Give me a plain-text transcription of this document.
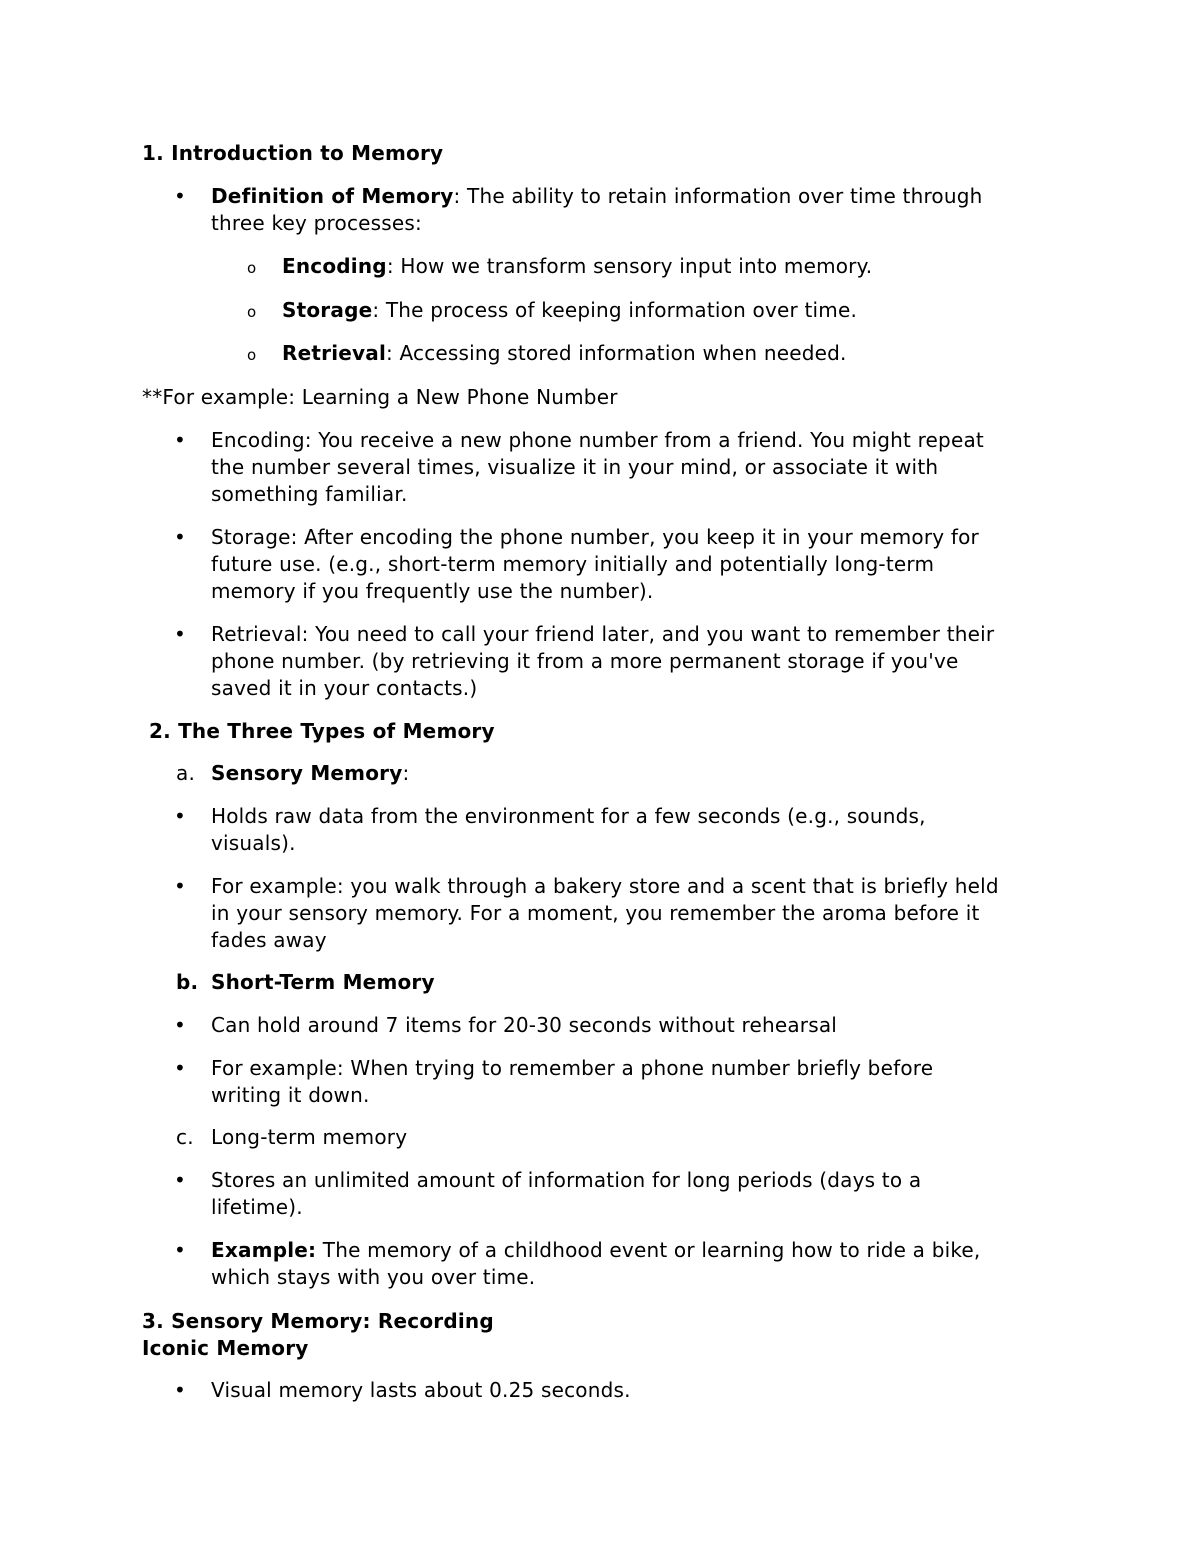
1. Introduction to Memory
• Definition of Memory: The ability to retain information over time through
three key processes:
o Encoding: How we transform sensory input into memory.
o Storage: The process of keeping information over time.
o Retrieval: Accessing stored information when needed.
**For example: Learning a New Phone Number
• Encoding: You receive a new phone number from a friend. You might repeat
the number several times, visualize it in your mind, or associate it with
something familiar.
• Storage: After encoding the phone number, you keep it in your memory for
future use. (e.g., short-term memory initially and potentially long-term
memory if you frequently use the number).
• Retrieval: You need to call your friend later, and you want to remember their
phone number. (by retrieving it from a more permanent storage if you've
saved it in your contacts.)
2. The Three Types of Memory
a. Sensory Memory:
• Holds raw data from the environment for a few seconds (e.g., sounds,
visuals).
• For example: you walk through a bakery store and a scent that is briefly held
in your sensory memory. For a moment, you remember the aroma before it
fades away
b. Short-Term Memory
• Can hold around 7 items for 20-30 seconds without rehearsal
• For example: When trying to remember a phone number briefly before
writing it down.
c. Long-term memory
• Stores an unlimited amount of information for long periods (days to a
lifetime).
• Example: The memory of a childhood event or learning how to ride a bike,
which stays with you over time.
3. Sensory Memory: Recording
Iconic Memory
• Visual memory lasts about 0.25 seconds.
